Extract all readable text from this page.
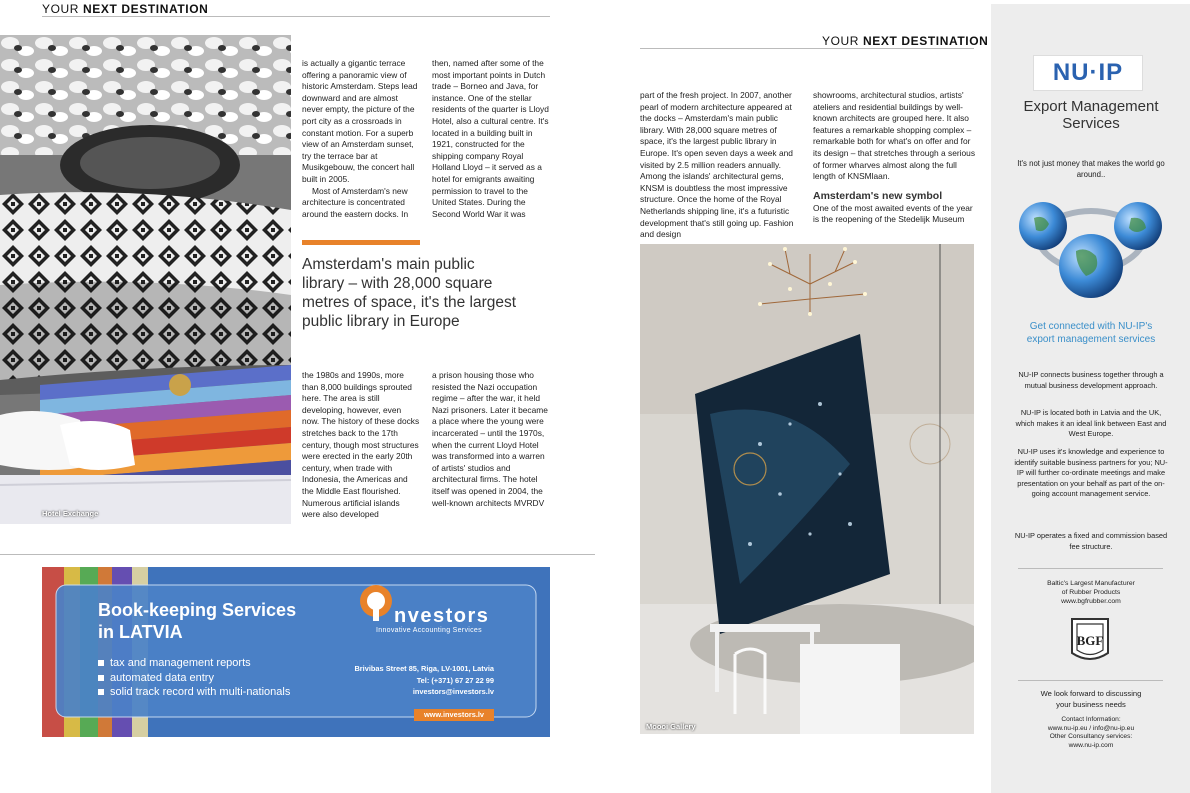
YOUR NEXT DESTINATION
Hotel Exchange

is actually a gigantic terrace offering a panoramic view of historic Amsterdam. Steps lead downward and are almost never empty, the picture of the port city as a crossroads in constant motion. For a superb view of an Amsterdam sunset, try the terrace bar at Musikgebouw, the concert hall built in 2005.

Most of Amsterdam's new architecture is concentrated around the eastern docks. In

then, named after some of the most important points in Dutch trade – Borneo and Java, for instance. One of the stellar residents of the quarter is Lloyd Hotel, also a cultural centre. It's located in a building built in 1921, constructed for the shipping company Royal Holland Lloyd – it served as a hotel for emigrants awaiting permission to travel to the United States. During the Second World War it was

Amsterdam's main public library – with 28,000 square metres of space, it's the largest public library in Europe

the 1980s and 1990s, more than 8,000 buildings sprouted here. The area is still developing, however, even now. The history of these docks stretches back to the 17th century, though most structures were erected in the early 20th century, when trade with Indonesia, the Americas and the Middle East flourished. Numerous artificial islands were also developed

a prison housing those who resisted the Nazi occupation regime – after the war, it held Nazi prisoners. Later it became a place where the young were incarcerated – until the 1970s, when the current Lloyd Hotel was transformed into a warren of artists' studios and architectural firms. The hotel itself was opened in 2004, the well-known architects MVRDV

Book-keeping Services
in LATVIA
tax and management reports
automated data entry
solid track record with multi-nationals
nvestors
Innovative Accounting Services
Brivibas Street 85, Riga, LV-1001, Latvia
Tel: (+371) 67 27 22 99
investors@investors.lv
www.investors.lv
YOUR NEXT DESTINATION

part of the fresh project. In 2007, another pearl of modern architecture appeared at the docks – Amsterdam's main public library. With 28,000 square metres of space, it's the largest public library in Europe. It's open seven days a week and visited by 2.5 million readers annually. Among the islands' architectural gems, KNSM is doubtless the most impressive structure. Once the home of the Royal Netherlands shipping line, it's a futuristic development that's still going up. Fashion and design

showrooms, architectural studios, artists' ateliers and residential buildings by well-known architects are grouped here. It also features a remarkable shopping complex – remarkable both for what's on offer and for its design – that stretches through a serious of former wharves almost along the full length of KNSMlaan.

Amsterdam's new symbol

One of the most awaited events of the year is the reopening of the Stedelijk Museum

Moooi Gallery
NU·IP
Export Management Services
It's not just money that makes the world go around..
Get connected with NU-IP's export management services
NU-IP connects business together through a mutual business development approach.
NU-IP is located both in Latvia and the UK, which makes it an ideal link between East and West Europe.
NU-IP uses it's knowledge and experience to identify suitable business partners for you; NU-IP will further co-ordinate meetings and make presentation on your behalf as part of the on-going account management service.
NU-IP operates a fixed and commission based fee structure.
Baltic's Largest Manufacturer
of Rubber Products
www.bgfrubber.com
BGF
We look forward to discussing
your business needs
Contact Information:
www.nu-ip.eu / info@nu-ip.eu
Other Consultancy services:
www.nu-ip.com
